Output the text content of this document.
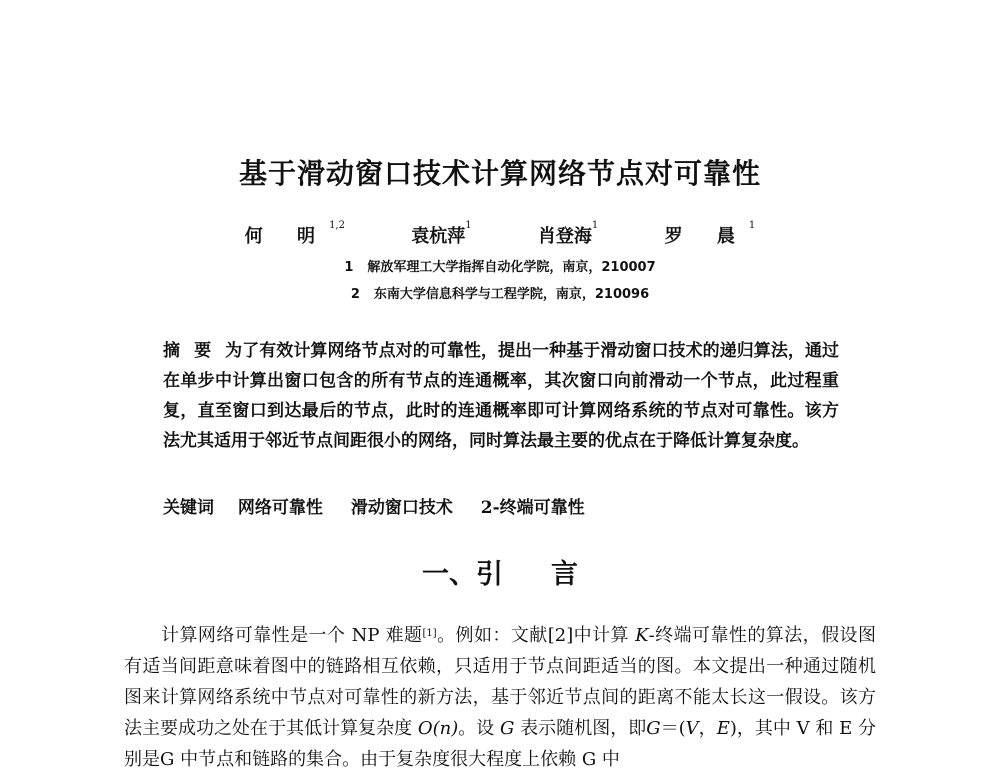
基于滑动窗口技术计算网络节点对可靠性
何 明$^{1,2}$ 袁杭萍$^1$ 肖登海$^1$ 罗 晨$^1$
1 解放军理工大学指挥自动化学院，南京，210007
2 东南大学信息科学与工程学院，南京，210096
摘要 为了有效计算网络节点对的可靠性，提出一种基于滑动窗口技术的递归算法，通过在单步中计算出窗口包含的所有节点的连通概率，其次窗口向前滑动一个节点，此过程重复，直至窗口到达最后的节点，此时的连通概率即可计算网络系统的节点对可靠性。该方法尤其适用于邻近节点间距很小的网络，同时算法最主要的优点在于降低计算复杂度。
关键词 网络可靠性 滑动窗口技术 2-终端可靠性
一、引 言

计算网络可靠性是一个 NP 难题[1]。例如：文献[2]中计算 K-终端可靠性的算法，假设图有适当间距意味着图中的链路相互依赖，只适用于节点间距适当的图。本文提出一种通过随机图来计算网络系统中节点对可靠性的新方法，基于邻近节点间的距离不能太长这一假设。该方法主要成功之处在于其低计算复杂度 O(n)。设 G 表示随机图，即G＝(V，E)，其中 V 和 E 分别是G 中节点和链路的集合。由于复杂度很大程度上依赖 G 中
